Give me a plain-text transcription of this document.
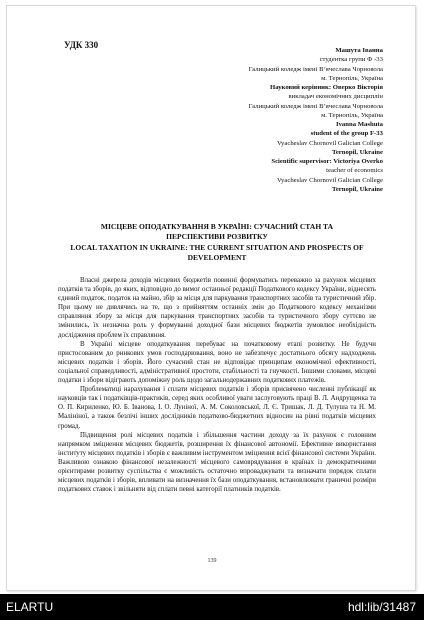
УДК 330
Машута Іванна
студентка групи Ф -33
Галицький коледж імені В’ячеслава Чорновола
м. Тернопіль, Україна
Науковий керівник: Оверко Вікторія
викладач економічних дисциплін
Галицький коледж імені В’ячеслава Чорновола
м. Тернопіль, Україна
Ivanna Mashuta
student of the group F-33
Vyacheslav Chornovil Galician College
Ternopil, Ukraine
Scientific supervisor: Victoriya Overko
teacher of economics
Vyacheslav Chornovil Galician College
Ternopil, Ukraine
МІСЦЕВЕ ОПОДАТКУВАННЯ В УКРАЇНІ: СУЧАСНИЙ СТАН ТА
ПЕРСПЕКТИВИ РОЗВИТКУ
LOCAL TAXATION IN UKRAINE: THE CURRENT SITUATION AND PROSPECTS OF
DEVELOPMENT

Власні джерела доходів місцевих бюджетів повинні формуватись переважно за рахунок місцевих податків та зборів, до яких, відповідно до вимог останньої редакції Податкового кодексу України, віднесять єдиний податок, податок на майно, збір за місця для паркування транспортних засобів та туристичний збір. При цьому не дивлячись на те, що з прийняттям останніх змін до Податкового кодексу механізми справляння збору за місця для паркування транспортних засобів та туристичного збору суттєво не змінились, їх незначна роль у формуванні доходної бази місцевих бюджетів зумовлює необхідність дослідження проблем їх справляння.

В Україні місцеве оподаткування перебуває на початковому етапі розвитку. Не будучи пристосованим до ринкових умов господарювання, воно не забезпечує достатнього обсягу надходжень місцевих податків і зборів. Його сучасний стан не відповідає принципам економічної ефективності, соціальної справедливості, адміністративної простоти, стабільності та гнучкості. Іншими словами, місцеві податки і збори відіграють допоміжну роль щодо загальнодержавних податкових платежів.

Проблематиці нарахування і сплати місцевих податків і зборів присвячено численні публікації як науковців так і податківців-практиків, серед яких особливої уваги заслуговують праці В. Л. Андрущенка та О. П. Кириленко, Ю. Б. Іванова, І. О. Луніної, А. М. Соколовської, Л. Є. Тришак, Л. Д. Тулуша та Н. М. Малініної, а також безлічі інших дослідників податково-бюджетних відносин на рівні податків місцевих громад.

Підвищення ролі місцевих податків і збільшення частини доходу за їх рахунок є головним напрямком зміцнення місцевих бюджетів, розширення їх фінансової автономії. Ефективне використання інституту місцевих податків і зборів є важливим інструментом зміцнення всієї фінансової системи України. Важливою ознакою фінансової незалежності місцевого самоврядування в країнах із демократичними орієнтирами розвитку суспільства є можливість остаточно впроваджувати та визначати порядок сплати місцевих податків і зборів, впливати на визначення їх бази оподаткування, встановлювати граничні розміри податкових ставок і звільняти від сплати певні категорії платників податків.

139
ELARTU	hdl:lib/31487
